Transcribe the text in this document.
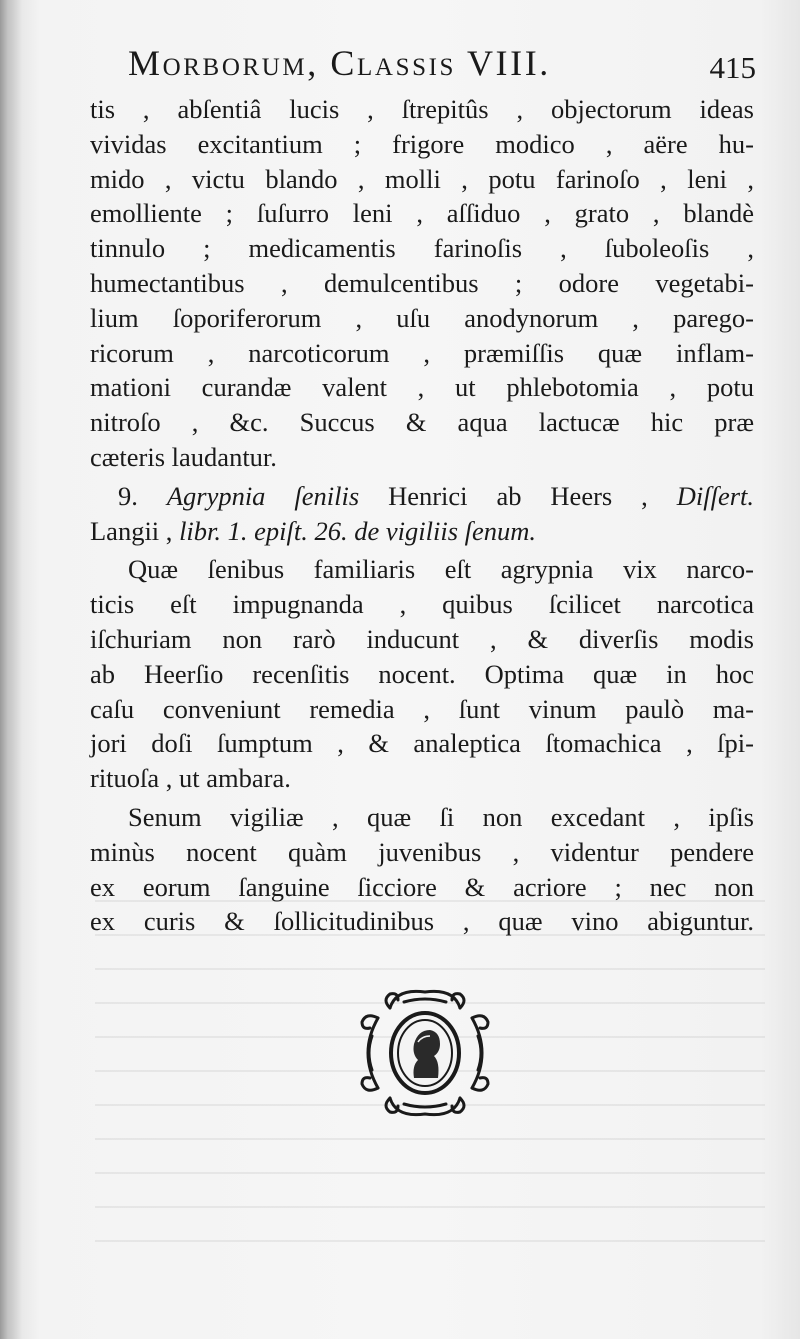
Morborum, Classis VIII.	415
tis , abſentiâ lucis , ſtrepitûs , objectorum ideas
vividas excitantium ; frigore modico , aëre hu-
mido , victu blando , molli , potu farinoſo , leni ,
emolliente ; ſuſurro leni , aſſiduo , grato , blandè
tinnulo ; medicamentis farinoſis , ſuboleoſis ,
humectantibus , demulcentibus ; odore vegetabi-
lium ſoporiferorum , uſu anodynorum , parego-
ricorum , narcoticorum , præmiſſis quæ inflam-
mationi curandæ valent , ut phlebotomia , potu
nitroſo , &c. Succus & aqua lactucæ hic præ
cæteris laudantur.
9. Agrypnia ſenilis Henrici ab Heers , Diſſert.
Langii , libr. 1. epiſt. 26. de vigiliis ſenum.
Quæ ſenibus familiaris eſt agrypnia vix narco-
ticis eſt impugnanda , quibus ſcilicet narcotica
iſchuriam non rarò inducunt , & diverſis modis
ab Heerſio recenſitis nocent. Optima quæ in hoc
caſu conveniunt remedia , ſunt vinum paulò ma-
jori doſi ſumptum , & analeptica ſtomachica , ſpi-
rituoſa , ut ambara.
Senum vigiliæ , quæ ſi non excedant , ipſis
minùs nocent quàm juvenibus , videntur pendere
ex eorum ſanguine ſicciore & acriore ; nec non
ex curis & ſollicitudinibus , quæ vino abiguntur.
